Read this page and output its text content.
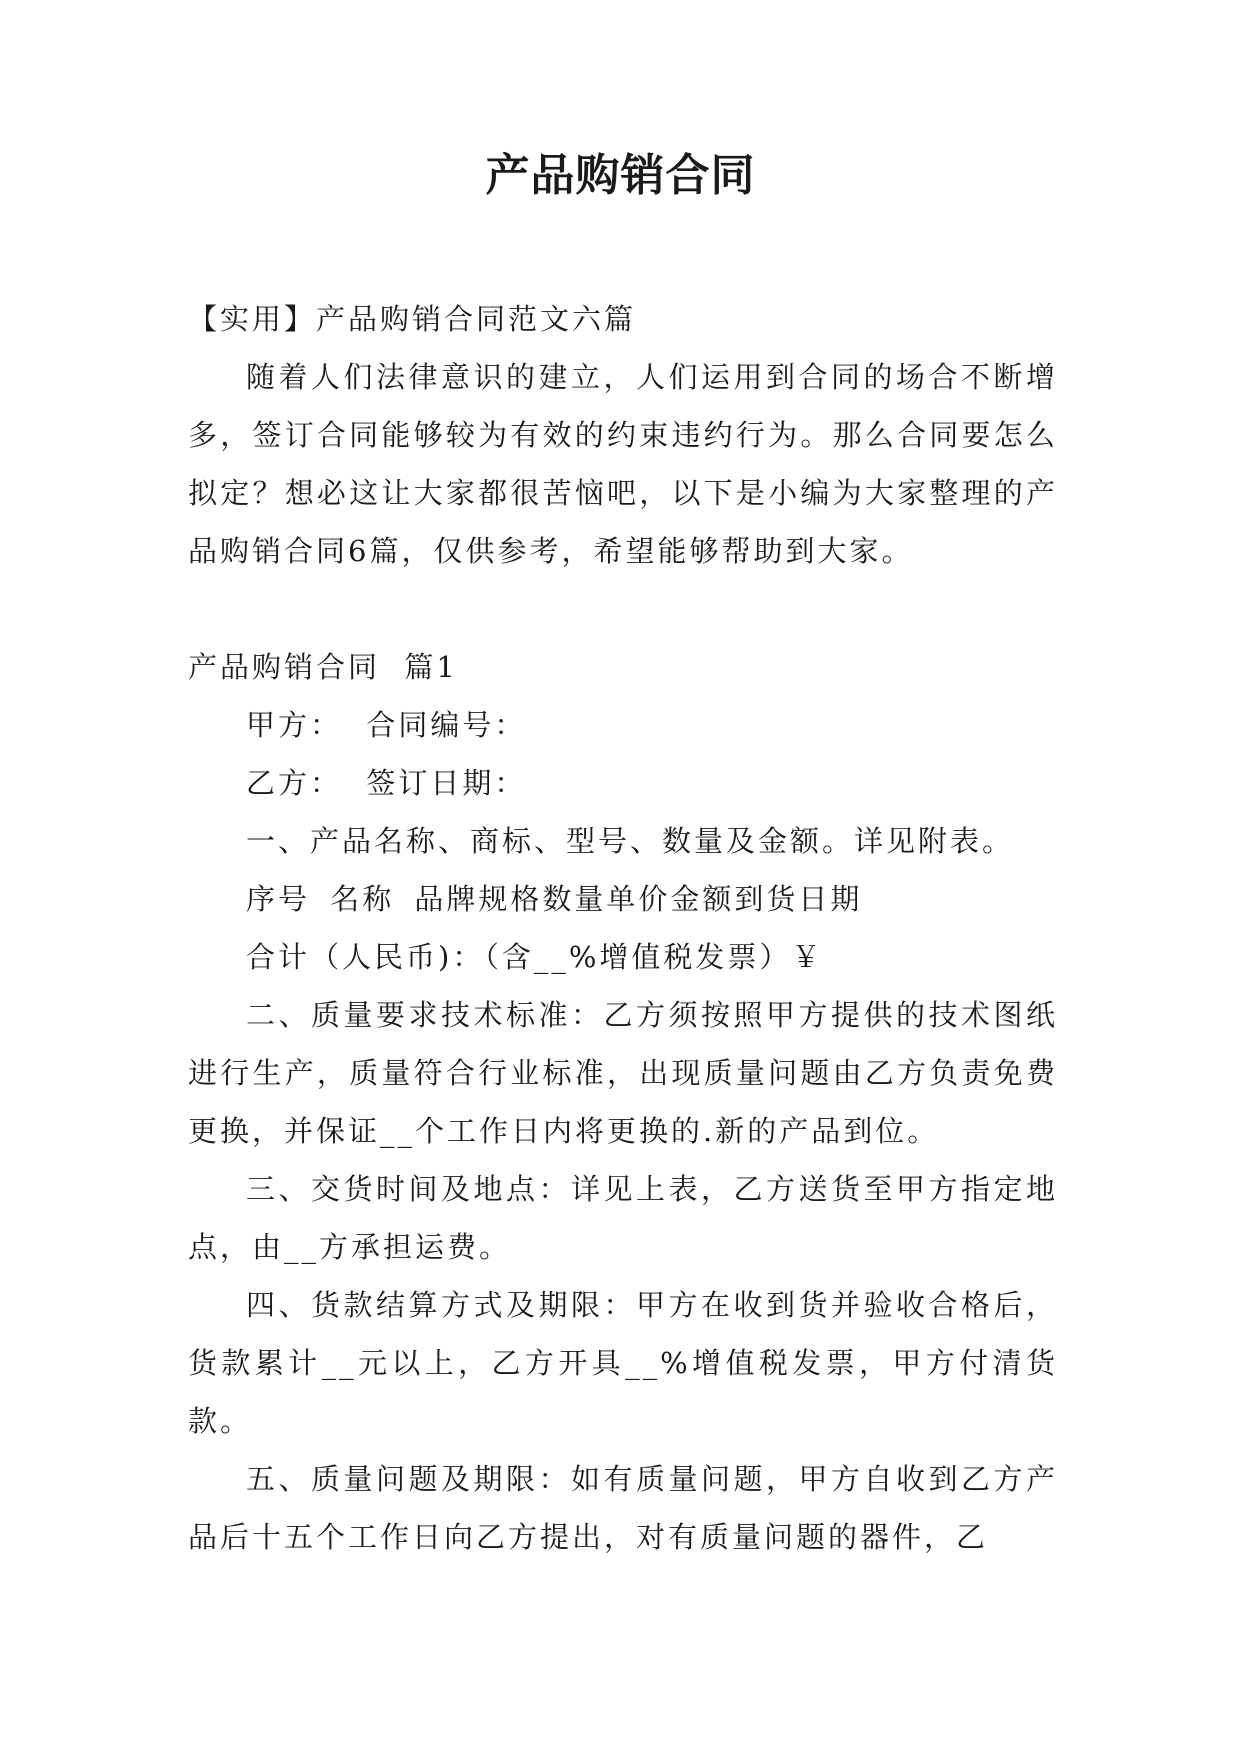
产品购销合同

【实用】产品购销合同范文六篇

随着人们法律意识的建立，人们运用到合同的场合不断增多，签订合同能够较为有效的约束违约行为。那么合同要怎么拟定？想必这让大家都很苦恼吧，以下是小编为大家整理的产品购销合同6篇，仅供参考，希望能够帮助到大家。

产品购销合同  篇1

甲方：  合同编号：

乙方：  签订日期：

一、产品名称、商标、型号、数量及金额。详见附表。

序号 名称 品牌规格数量单价金额到货日期

合计（人民币)：（含__%增值税发票）￥

二、质量要求技术标准：乙方须按照甲方提供的技术图纸进行生产，质量符合行业标准，出现质量问题由乙方负责免费更换，并保证__个工作日内将更换的.新的产品到位。

三、交货时间及地点：详见上表，乙方送货至甲方指定地点，由__方承担运费。

四、货款结算方式及期限：甲方在收到货并验收合格后，货款累计__元以上，乙方开具__%增值税发票，甲方付清货款。

五、质量问题及期限：如有质量问题，甲方自收到乙方产品后十五个工作日向乙方提出，对有质量问题的器件，乙
